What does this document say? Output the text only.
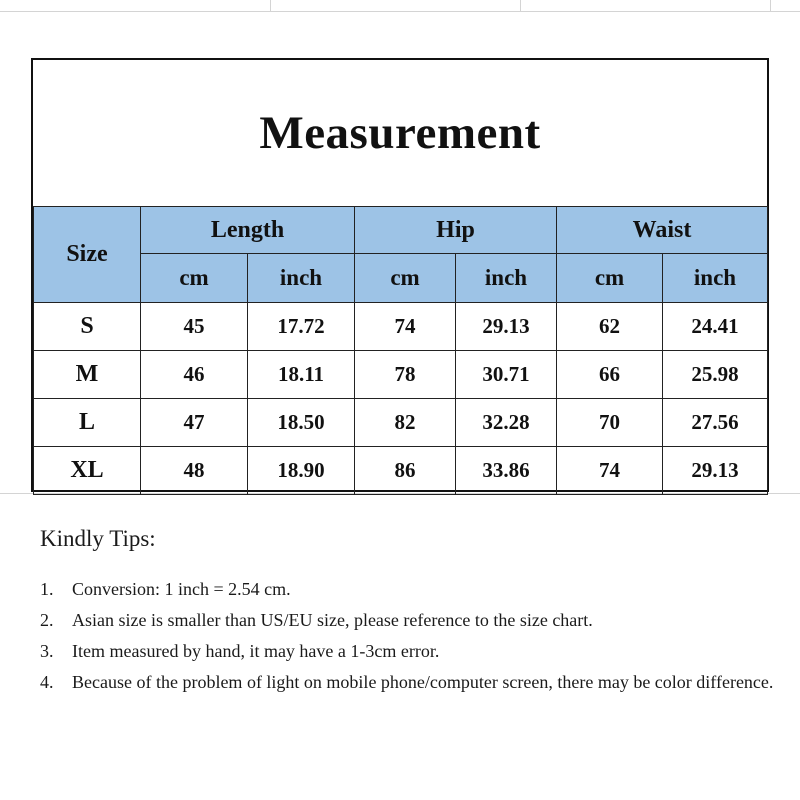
Measurement
Size	Length		Hip		Waist	
	cm	inch	cm	inch	cm	inch
S	45	17.72	74	29.13	62	24.41
M	46	18.11	78	30.71	66	25.98
L	47	18.50	82	32.28	70	27.56
XL	48	18.90	86	33.86	74	29.13
Kindly Tips:
1. Conversion: 1 inch = 2.54 cm.
2. Asian size is smaller than US/EU size, please reference to the size chart.
3. Item measured by hand, it may have a 1-3cm error.
4. Because of the problem of light on mobile phone/computer screen, there may be color difference.
